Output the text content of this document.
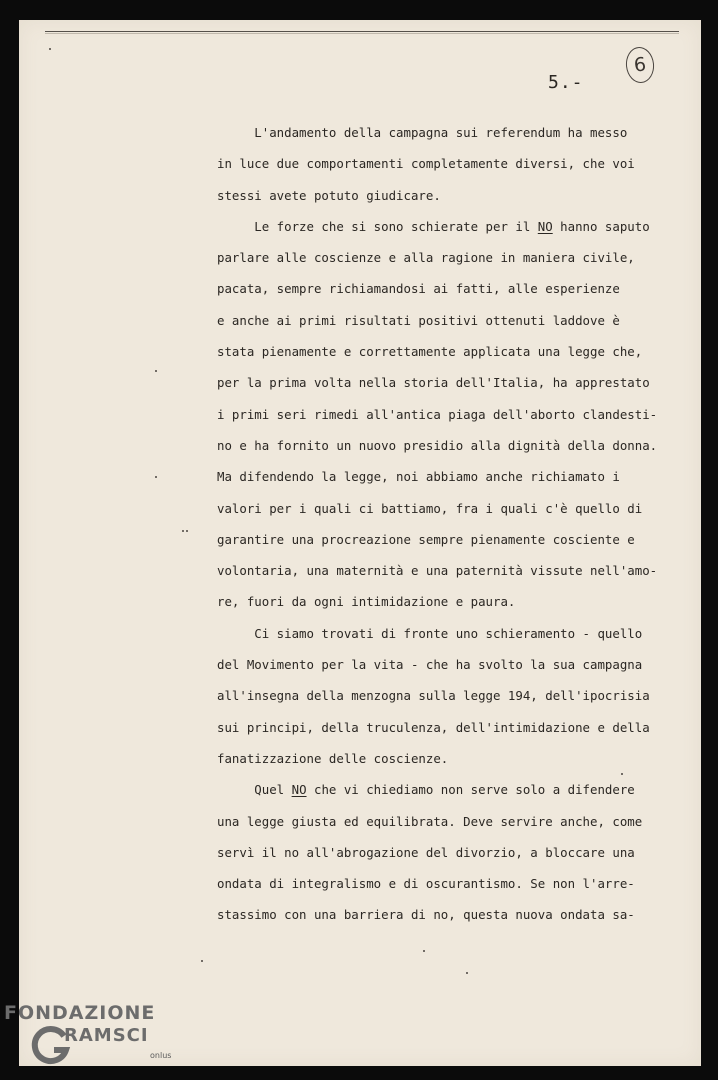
5.-
6
L'andamento della campagna sui referendum ha messo
in luce due comportamenti completamente diversi, che voi
stessi avete potuto giudicare.
Le forze che si sono schierate per il NO hanno saputo
parlare alle coscienze e alla ragione in maniera civile,
pacata, sempre richiamandosi ai fatti, alle esperienze
e anche ai primi risultati positivi ottenuti laddove è
stata pienamente e correttamente applicata una legge che,
per la prima volta nella storia dell'Italia, ha apprestato
i primi seri rimedi all'antica piaga dell'aborto clandesti-
no e ha fornito un nuovo presidio alla dignità della donna.
Ma difendendo la legge, noi abbiamo anche richiamato i
valori per i quali ci battiamo, fra i quali c'è quello di
garantire una procreazione sempre pienamente cosciente e
volontaria, una maternità e una paternità vissute nell'amo-
re, fuori da ogni intimidazione e paura.
Ci siamo trovati di fronte uno schieramento - quello
del Movimento per la vita - che ha svolto la sua campagna
all'insegna della menzogna sulla legge 194, dell'ipocrisia
sui principi, della truculenza, dell'intimidazione e della
fanatizzazione delle coscienze.
Quel NO che vi chiediamo non serve solo a difendere
una legge giusta ed equilibrata. Deve servire anche, come
servì il no all'abrogazione del divorzio, a bloccare una
ondata di integralismo e di oscurantismo. Se non l'arre-
stassimo con una barriera di no, questa nuova ondata sa-
FONDAZIONE
RAMSCI
onlus
